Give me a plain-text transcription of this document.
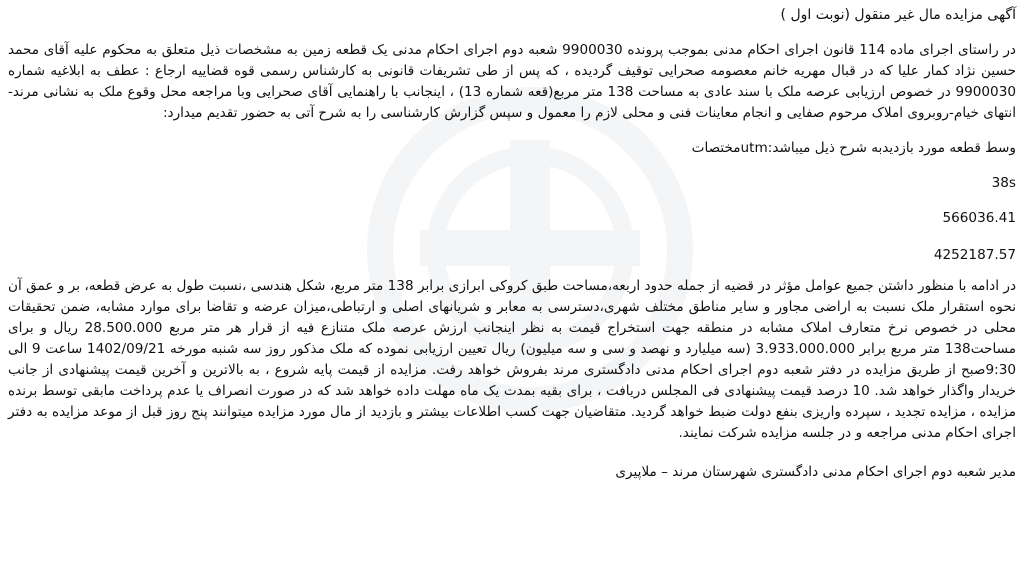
آگهی مزایده مال غیر منقول (نوبت اول )

در راستای اجرای ماده 114 قانون اجرای احکام مدنی بموجب پرونده 9900030 شعبه دوم اجرای احکام مدنی یک قطعه زمین به مشخصات ذیل متعلق به محکوم علیه آقای محمد حسین نژاد کمار علیا که در قبال مهریه خانم معصومه صحرایی توقیف گردیده ، که پس از طی تشریفات قانونی به کارشناس رسمی قوه قضاییه ارجاع : عطف به ابلاغیه شماره 9900030 در خصوص ارزیابی عرصه ملک با سند عادی به مساحت 138 متر مربع(قعه شماره 13) ، اینجانب با راهنمایی آقای صحرایی وبا مراجعه محل وقوع ملک به نشانی مرند-انتهای خیام-روبروی املاک مرحوم صفایی و انجام معاینات فنی و محلی لازم را معمول و سپس گزارش کارشناسی را به شرح آتی به حضور تقدیم میدارد:

وسط قطعه مورد بازدیدبه شرح ذیل میباشد:utmمختصات

38s

566036.41

4252187.57

در ادامه با منظور داشتن جمیع عوامل مؤثر در قضیه از جمله حدود اربعه،مساحت طبق کروکی ابرازی برابر 138 متر مربع، شکل هندسی ،نسبت طول به عرض قطعه، بر و عمق آن نحوه استقرار ملک نسبت به اراضی مجاور و سایر مناطق مختلف شهری،دسترسی به معابر و شریانهای اصلی و ارتباطی،میزان عرضه و تقاضا برای موارد مشابه، ضمن تحقیقات محلی در خصوص نرخ متعارف املاک مشابه در منطقه جهت استخراج قیمت به نظر اینجانب ارزش عرصه ملک متنازع فیه از قرار هر متر مربع 28.500.000 ریال و برای مساحت138 متر مربع برابر 3.933.000.000 (سه میلیارد و نهصد و سی و سه میلیون) ریال تعیین ارزیابی نموده که ملک مذکور روز سه شنبه مورخه 1402/09/21 ساعت 9 الی 9:30صبح از طریق مزایده در دفتر شعبه دوم اجرای احکام مدنی دادگستری مرند بفروش خواهد رفت. مزایده از قیمت پایه شروع ، به بالاترین و آخرین قیمت پیشنهادی از جانب خریدار واگذار خواهد شد. 10 درصد قیمت پیشنهادی فی المجلس دریافت ، برای بقیه بمدت یک ماه مهلت داده خواهد شد که در صورت انصراف یا عدم پرداخت مابقی توسط برنده مزایده ، مزایده تجدید ، سپرده واریزی بنفع دولت ضبط خواهد گردید. متقاضیان جهت کسب اطلاعات بیشتر و بازدید از مال مورد مزایده میتوانند پنج روز قبل از موعد مزایده به دفتر اجرای احکام مدنی مراجعه و در جلسه مزایده شرکت نمایند.

مدیر شعبه دوم اجرای احکام مدنی دادگستری شهرستان مرند – ملاپیری
